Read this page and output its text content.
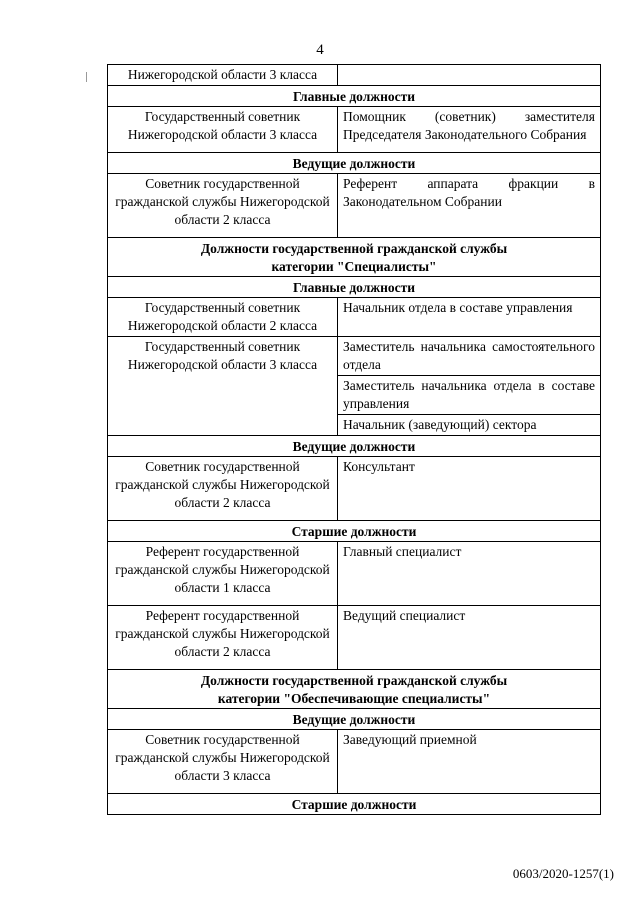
4
Нижегородской области 3 класса	
Главные должности	
Государственный советник Нижегородской области 3 класса	Помощник (советник) заместителя Председателя Законодательного Собрания
Ведущие должности	
Советник государственной гражданской службы Нижегородской области 2 класса	Референт аппарата фракции в Законодательном Собрании

Должности государственной гражданской службы
категории "Специалисты"	

Главные должности	
Государственный советник Нижегородской области 2 класса	Начальник отдела в составе управления
Государственный советник Нижегородской области 3 класса	Заместитель начальника самостоятельного отдела
	Заместитель начальника отдела в составе управления
	Начальник (заведующий) сектора
Ведущие должности	
Советник государственной гражданской службы Нижегородской области 2 класса	Консультант
Старшие должности	
Референт государственной гражданской службы Нижегородской области 1 класса	Главный специалист
Референт государственной гражданской службы Нижегородской области 2 класса	Ведущий специалист

Должности государственной гражданской службы
категории "Обеспечивающие специалисты"	

Ведущие должности	
Советник государственной гражданской службы Нижегородской области 3 класса	Заведующий приемной
Старшие должности	
0603/2020-1257(1)
